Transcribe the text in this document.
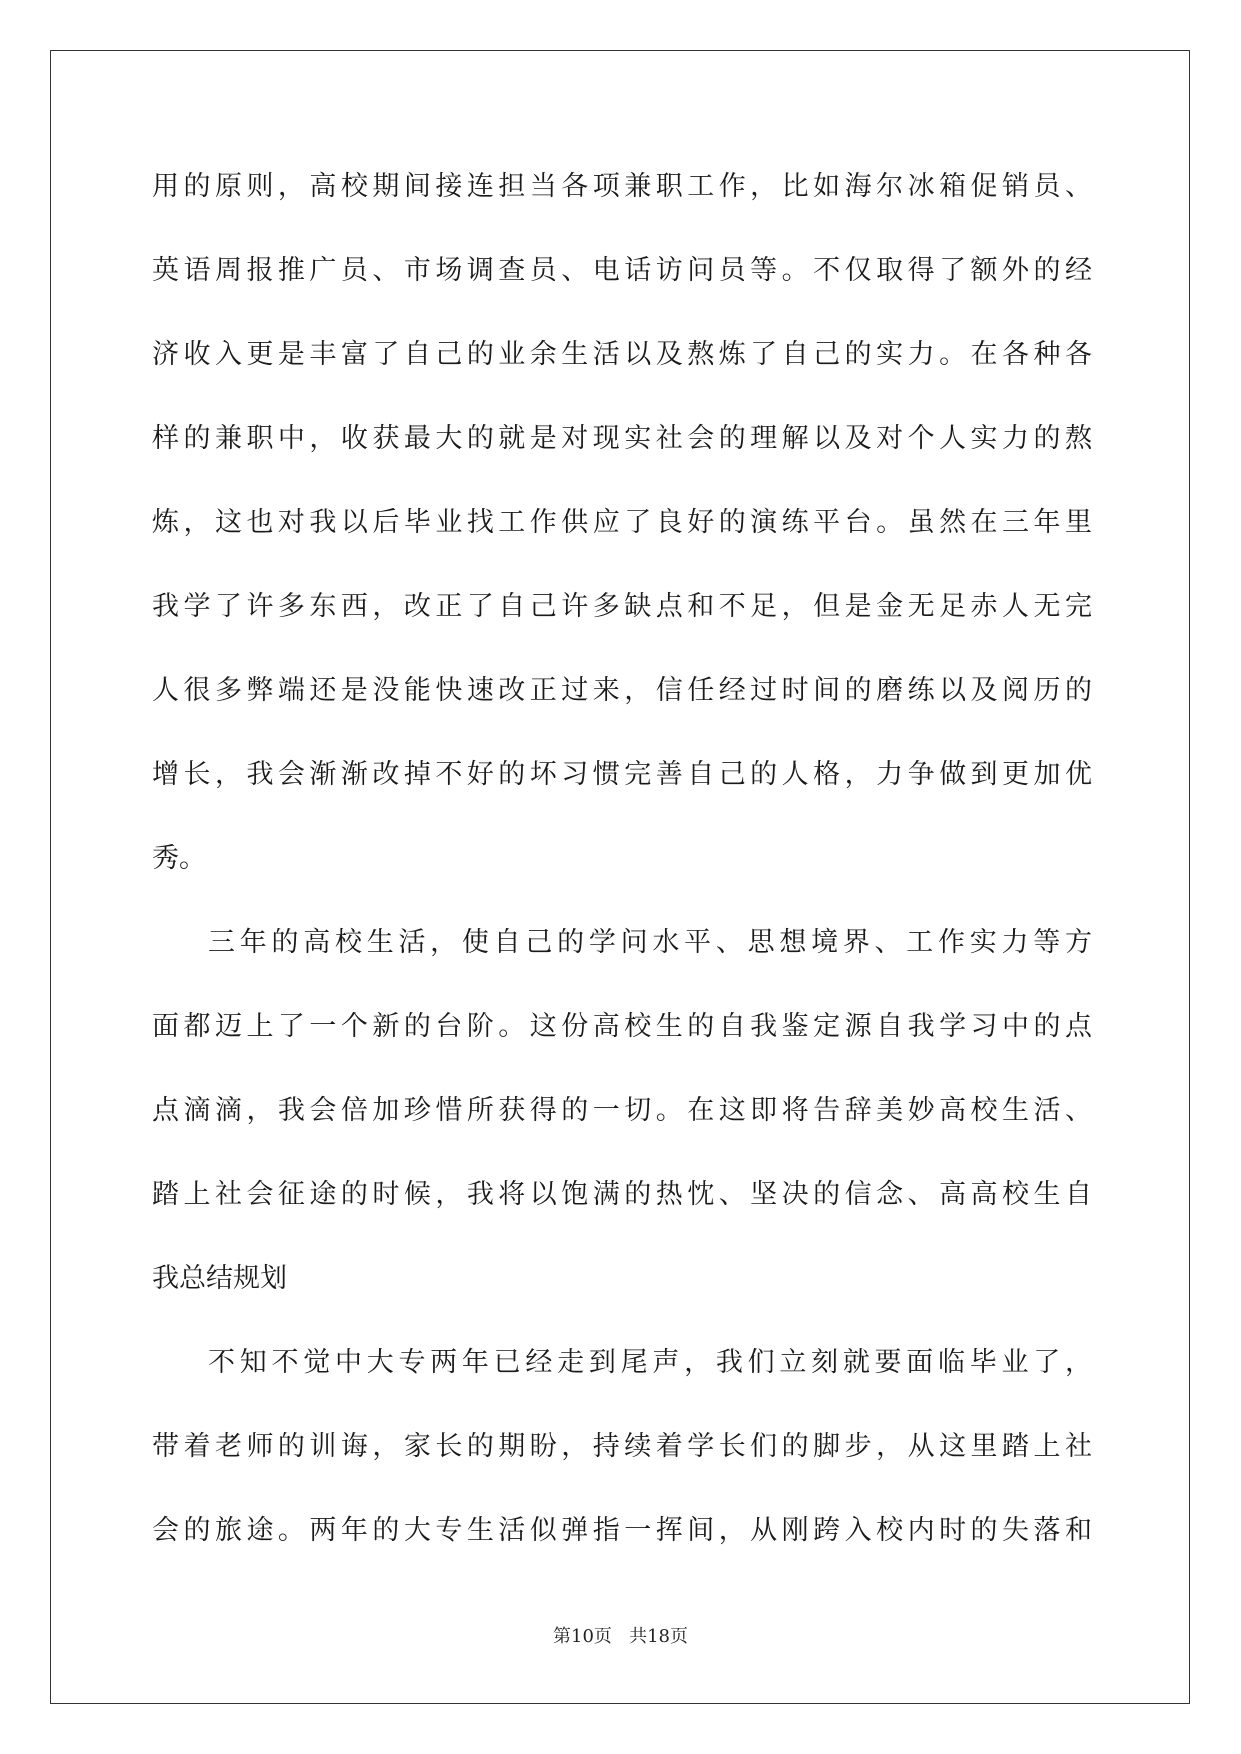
用的原则，高校期间接连担当各项兼职工作，比如海尔冰箱促销员、

英语周报推广员、市场调查员、电话访问员等。不仅取得了额外的经

济收入更是丰富了自己的业余生活以及熬炼了自己的实力。在各种各

样的兼职中，收获最大的就是对现实社会的理解以及对个人实力的熬

炼，这也对我以后毕业找工作供应了良好的演练平台。虽然在三年里

我学了许多东西，改正了自己许多缺点和不足，但是金无足赤人无完

人很多弊端还是没能快速改正过来，信任经过时间的磨练以及阅历的

增长，我会渐渐改掉不好的坏习惯完善自己的人格，力争做到更加优

秀。

三年的高校生活，使自己的学问水平、思想境界、工作实力等方

面都迈上了一个新的台阶。这份高校生的自我鉴定源自我学习中的点

点滴滴，我会倍加珍惜所获得的一切。在这即将告辞美妙高校生活、

踏上社会征途的时候，我将以饱满的热忱、坚决的信念、高高校生自

我总结规划

不知不觉中大专两年已经走到尾声，我们立刻就要面临毕业了，

带着老师的训诲，家长的期盼，持续着学长们的脚步，从这里踏上社

会的旅途。两年的大专生活似弹指一挥间，从刚跨入校内时的失落和

第10页 共18页
